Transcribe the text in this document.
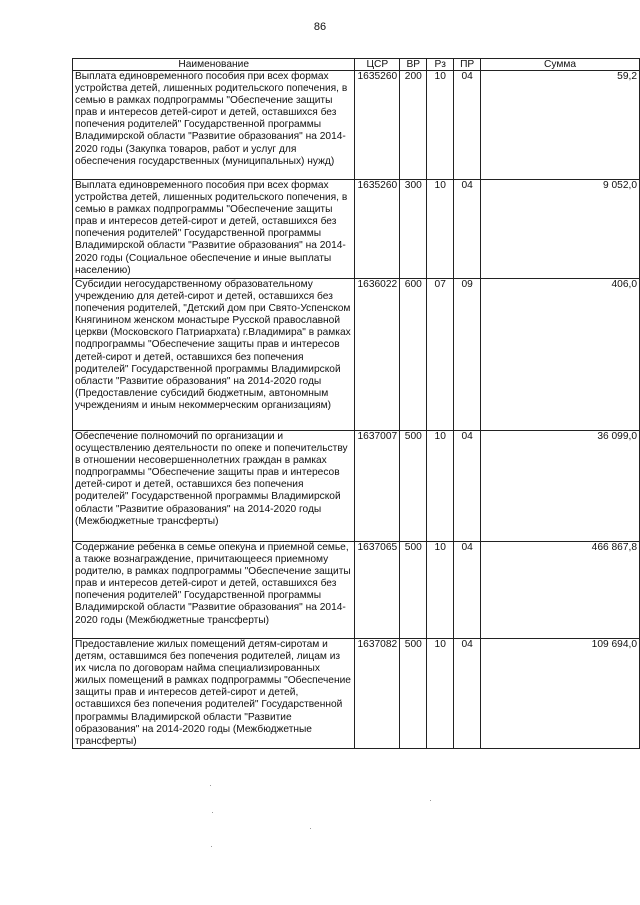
86
Наименование	ЦСР	ВР	Рз	ПР	Сумма
Выплата единовременного пособия при всех формах устройства детей, лишенных родительского попечения, в семью в рамках подпрограммы "Обеспечение защиты прав и интересов детей-сирот и детей, оставшихся без попечения родителей" Государственной программы Владимирской области "Развитие образования" на 2014-2020 годы (Закупка товаров, работ и услуг для обеспечения государственных (муниципальных) нужд)	1635260	200	10	04	59,2
Выплата единовременного пособия при всех формах устройства детей, лишенных родительского попечения, в семью в рамках подпрограммы "Обеспечение защиты прав и интересов детей-сирот и детей, оставшихся без попечения родителей" Государственной программы Владимирской области "Развитие образования" на 2014-2020 годы (Социальное обеспечение и иные выплаты населению)	1635260	300	10	04	9 052,0
Субсидии негосударственному образовательному учреждению для детей-сирот и детей, оставшихся без попечения родителей, "Детский дом при Свято-Успенском Княгинином женском монастыре Русской православной церкви (Московского Патриархата) г.Владимира" в рамках подпрограммы "Обеспечение защиты прав и интересов детей-сирот и детей, оставшихся без попечения родителей" Государственной программы Владимирской области "Развитие образования" на 2014-2020 годы (Предоставление субсидий бюджетным, автономным учреждениям и иным некоммерческим организациям)	1636022	600	07	09	406,0
Обеспечение полномочий по организации и осуществлению деятельности по опеке и попечительству в отношении несовершеннолетних граждан в рамках подпрограммы "Обеспечение защиты прав и интересов детей-сирот и детей, оставшихся без попечения родителей" Государственной программы Владимирской области "Развитие образования" на 2014-2020 годы (Межбюджетные трансферты)	1637007	500	10	04	36 099,0
Содержание ребенка в семье опекуна и приемной семье, а также вознаграждение, причитающееся приемному родителю, в рамках подпрограммы "Обеспечение защиты прав и интересов детей-сирот и детей, оставшихся без попечения родителей" Государственной программы Владимирской области "Развитие образования" на 2014-2020 годы (Межбюджетные трансферты)	1637065	500	10	04	466 867,8
Предоставление жилых помещений детям-сиротам и детям, оставшимся без попечения родителей, лицам из их числа по договорам найма специализированных жилых помещений в рамках подпрограммы "Обеспечение защиты прав и интересов детей-сирот и детей, оставшихся без попечения родителей" Государственной программы Владимирской области "Развитие образования" на 2014-2020 годы (Межбюджетные трансферты)	1637082	500	10	04	109 694,0
